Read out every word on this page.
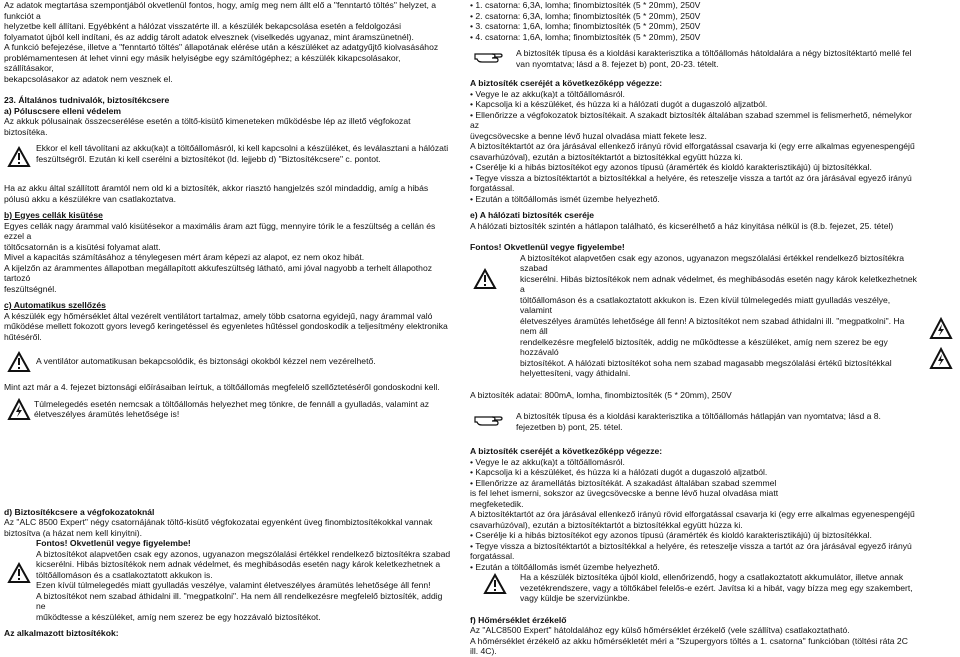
Az adatok megtartása szempontjából okvetlenül fontos, hogy, amíg meg nem állt elő a "fenntartó töltés" helyzet, a funkciót a

helyzetbe kell állítani. Egyébként a hálózat visszatérte ill. a készülék bekapcsolása esetén a feldolgozási

folyamatot újból kell indítani, és az addig tárolt adatok elvesznek (viselkedés ugyanaz, mint áramszünetnél).

A funkció befejezése, illetve a "fenntartó töltés" állapotának elérése után a készüléket az adatgyűjtő kiolvasásához

problémamentesen át lehet vinni egy másik helyiségbe egy számítógéphez; a készülék kikapcsolásakor, szállításakor,

bekapcsolásakor az adatok nem vesznek el.

23. Általános tudnivalók, biztosítékcsere

a) Póluscsere elleni védelem

Az akkuk pólusainak összecserélése esetén a töltő-kisütő kimeneteken működésbe lép az illető végfokozat biztosítéka.

Ekkor el kell távolítani az akku(ka)t a töltőállomásról, ki kell kapcsolni a készüléket, és leválasztani a hálózati feszültségről. Ezután ki kell cserélni a biztosítékot (ld. lejjebb d) "Biztosítékcsere" c. pontot.

Ha az akku által szállított áramtól nem old ki a biztosíték, akkor riasztó hangjelzés szól mindaddig, amíg a hibás pólusú akku a készülékre van csatlakoztatva.

b) Egyes cellák kisütése

Egyes cellák nagy árammal való kisütésekor a maximális áram azt függ, mennyire tórik le a feszültség a cellán és ezzel a

töltőcsatornán is a kisütési folyamat alatt.

Mivel a kapacitás számításához a ténylegesen mért áram képezi az alapot, ez nem okoz hibát.

A kijelzőn az árammentes állapotban megállapított akkufeszültség látható, ami jóval nagyobb a terhelt állapothoz tartozó

feszültségnél.

c) Automatikus szellőzés

A készülék egy hőmérséklet által vezérelt ventilátort tartalmaz, amely több csatorna egyidejű, nagy árammal való működése mellett fokozott gyors levegő keringetéssel és egyenletes hűtéssel gondoskodik a teljesítmény elektronika hűtéséről.

A ventilátor automatikusan bekapcsolódik, és biztonsági okokból kézzel nem vezérelhető.

Mint azt már a 4. fejezet biztonsági előírásaiban leírtuk, a töltőállomás megfelelő szellőztetéséről gondoskodni kell.

Túlmelegedés esetén nemcsak a töltőállomás helyezhet meg tönkre, de fennáll a gyulladás, valamint az életveszélyes áramütés lehetősége is!

d) Biztosítékcsere a végfokozatoknál

Az "ALC 8500 Expert" négy csatornájának töltő-kisütő végfokozatai egyenként üveg finombiztosítékokkal vannak biztosítva (a házat nem kell kinyitni).

Fontos! Okvetlenül vegye figyelembe!

A biztosítékot alapvetően csak egy azonos, ugyanazon megszólalási értékkel rendelkező biztosítékra szabad

kicserélni. Hibás biztosítékok nem adnak védelmet, és meghibásodás esetén nagy károk keletkezhetnek a

töltőállomáson és a csatlakoztatott akkukon is.

Ezen kívül túlmelegedés miatt gyulladás veszélye, valamint életveszélyes áramütés lehetősége áll fenn!

A biztosítékot nem szabad áthidalni ill. "megpatkolni". Ha nem áll rendelkezésre megfelelő biztosíték, addig ne

működtesse a készüléket, amíg nem szerez be egy hozzávaló biztosítékot.

Az alkalmazott biztosítékok:

• 1. csatorna: 6,3A, lomha; finombiztosíték (5 * 20mm), 250V

• 2. csatorna: 6,3A, lomha; finombiztosíték (5 * 20mm), 250V

• 3. csatorna: 1,6A, lomha; finombiztosíték (5 * 20mm), 250V

• 4. csatorna: 1,6A, lomha; finombiztosíték (5 * 20mm), 250V

A biztosíték típusa és a kioldási karakterisztika a töltőállomás hátoldalára a négy biztosítéktartó mellé fel van nyomtatva; lásd a 8. fejezet b) pont, 20-23. tételt.

A biztosíték cseréjét a következőképp végezze:

• Vegye le az akku(ka)t a töltőállomásról.

• Kapcsolja ki a készüléket, és húzza ki a hálózati dugót a dugaszoló aljzatból.

• Ellenőrizze a végfokozatok biztosítékait. A szakadt biztosíték általában szabad szemmel is felismerhető, némelykor az

üvegcsövecske a benne lévő huzal olvadása miatt fekete lesz.

A biztosítéktartót az óra járásával ellenkező irányú rövid elforgatással csavarja ki (egy erre alkalmas egyenespengéjű

csavarhúzóval), ezután a biztosítéktartót a biztosítékkal együtt húzza ki.

• Cserélje ki a hibás biztosítékot egy azonos típusú (áramérték és kioldó karakterisztikájú) új biztosítékkal.

• Tegye vissza a biztosítéktartót a biztosítékkal a helyére, és reteszelje vissza a tartót az óra járásával egyező irányú

forgatással.

• Ezután a töltőállomás ismét üzembe helyezhető.

e) A hálózati biztosíték cseréje

A hálózati biztosíték szintén a hátlapon található, és kicserélhető a ház kinyitása nélkül is (8.b. fejezet, 25. tétel)

Fontos! Okvetlenül vegye figyelembe!

A biztosítékot alapvetően csak egy azonos, ugyanazon megszólalási értékkel rendelkező biztosítékra szabad

kicserélni. Hibás biztosítékok nem adnak védelmet, és meghibásodás esetén nagy károk keletkezhetnek a

töltőállomáson és a csatlakoztatott akkukon is. Ezen kívül túlmelegedés miatt gyulladás veszélye, valamint

életveszélyes áramütés lehetősége áll fenn! A biztosítékot nem szabad áthidalni ill. "megpatkolni". Ha nem áll

rendelkezésre megfelelő biztosíték, addig ne működtesse a készüléket, amíg nem szerez be egy hozzávaló

biztosítékot. A hálózati biztosítékot soha nem szabad magasabb megszólalási értékű biztosítékkal

helyettesíteni, vagy áthidalni.

A biztosíték adatai: 800mA, lomha, finombiztosíték (5 * 20mm), 250V

A biztosíték típusa és a kioldási karakterisztika a töltőállomás hátlapján van nyomtatva; lásd a 8. fejezetben b) pont, 25. tétel.

A biztosíték cseréjét a következőképp végezze:

• Vegye le az akku(ka)t a töltőállomásról.

• Kapcsolja ki a készüléket, és húzza ki a hálózati dugót a dugaszoló aljzatból.

• Ellenőrizze az áramellátás biztosítékát. A szakadást általában szabad szemmel

is fel lehet ismerni, sokszor az üvegcsövecske a benne lévő huzal olvadása miatt

megfeketedik.

A biztosítéktartót az óra járásával ellenkező irányú rövid elforgatással csavarja ki (egy erre alkalmas egyenespengéjű

csavarhúzóval), ezután a biztosítéktartót a biztosítékkal együtt húzza ki.

• Cserélje ki a hibás biztosítékot egy azonos típusú (áramérték és kioldó karakterisztikájú) új biztosítékkal.

• Tegye vissza a biztosítéktartót a biztosítékkal a helyére, és reteszelje vissza a tartót az óra járásával egyező irányú

forgatással.

• Ezután a töltőállomás ismét üzembe helyezhető.

Ha a készülék biztosítéka újból kiold, ellenőrizendő, hogy a csatlakoztatott akkumulátor, illetve annak vezetékrendszere, vagy a töltőkábel felelős-e ezért. Javítsa ki a hibát, vagy bízza meg egy szakembert, vagy küldje be szervizünkbe.

f) Hőmérséklet érzékelő

Az "ALC8500 Expert" hátoldalához egy külső hőmérséklet érzékelő (vele szállítva) csatlakoztatható.

A hőmérséklet érzékelő az akku hőmérsékletét méri a "Szupergyors töltés a 1. csatorna" funkcióban (töltési ráta 2C ill. 4C).
